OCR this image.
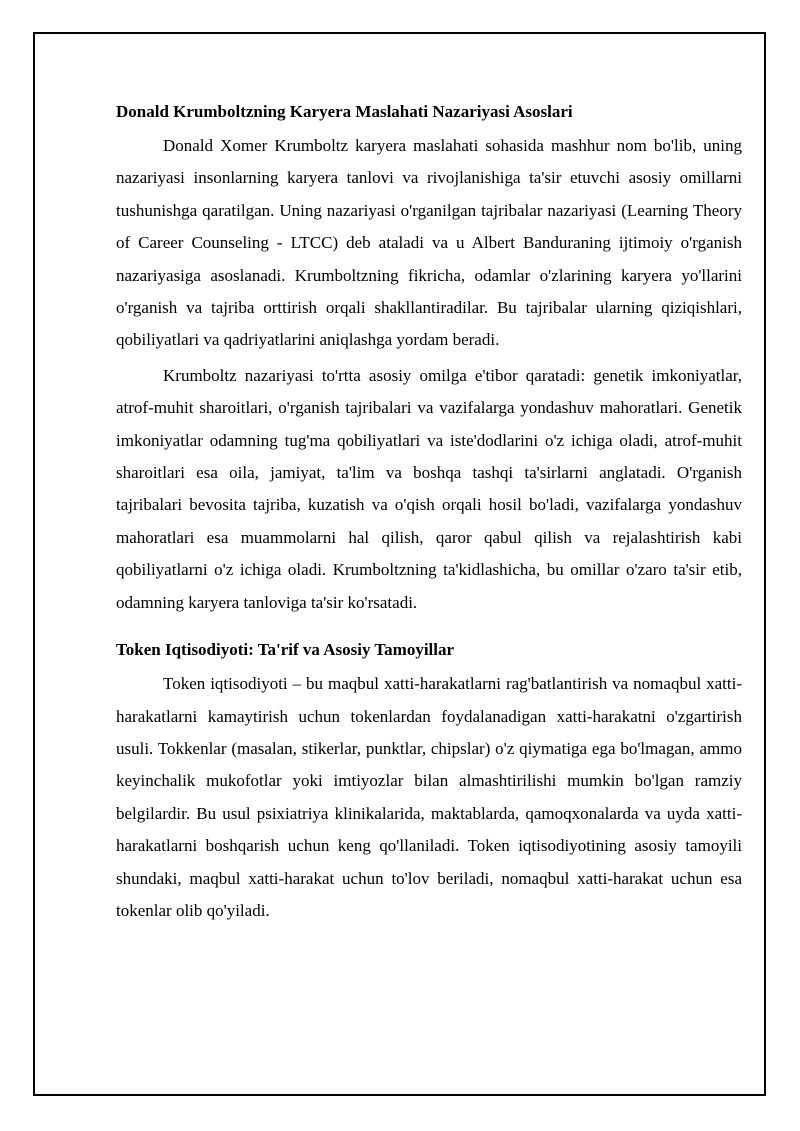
Donald Krumboltzning Karyera Maslahati Nazariyasi Asoslari

Donald Xomer Krumboltz karyera maslahati sohasida mashhur nom bo'lib, uning nazariyasi insonlarning karyera tanlovi va rivojlanishiga ta'sir etuvchi asosiy omillarni tushunishga qaratilgan. Uning nazariyasi o'rganilgan tajribalar nazariyasi (Learning Theory of Career Counseling - LTCC) deb ataladi va u Albert Banduraning ijtimoiy o'rganish nazariyasiga asoslanadi. Krumboltzning fikricha, odamlar o'zlarining karyera yo'llarini o'rganish va tajriba orttirish orqali shakllantiradilar. Bu tajribalar ularning qiziqishlari, qobiliyatlari va qadriyatlarini aniqlashga yordam beradi.

Krumboltz nazariyasi to'rtta asosiy omilga e'tibor qaratadi: genetik imkoniyatlar, atrof-muhit sharoitlari, o'rganish tajribalari va vazifalarga yondashuv mahoratlari. Genetik imkoniyatlar odamning tug'ma qobiliyatlari va iste'dodlarini o'z ichiga oladi, atrof-muhit sharoitlari esa oila, jamiyat, ta'lim va boshqa tashqi ta'sirlarni anglatadi. O'rganish tajribalari bevosita tajriba, kuzatish va o'qish orqali hosil bo'ladi, vazifalarga yondashuv mahoratlari esa muammolarni hal qilish, qaror qabul qilish va rejalashtirish kabi qobiliyatlarni o'z ichiga oladi. Krumboltzning ta'kidlashicha, bu omillar o'zaro ta'sir etib, odamning karyera tanloviga ta'sir ko'rsatadi.

Token Iqtisodiyoti: Ta'rif va Asosiy Tamoyillar

Token iqtisodiyoti – bu maqbul xatti-harakatlarni rag'batlantirish va nomaqbul xatti-harakatlarni kamaytirish uchun tokenlardan foydalanadigan xatti-harakatni o'zgartirish usuli. Tokkenlar (masalan, stikerlar, punktlar, chipslar) o'z qiymatiga ega bo'lmagan, ammo keyinchalik mukofotlar yoki imtiyozlar bilan almashtirilishi mumkin bo'lgan ramziy belgilardir. Bu usul psixiatriya klinikalarida, maktablarda, qamoqxonalarda va uyda xatti-harakatlarni boshqarish uchun keng qo'llaniladi. Token iqtisodiyotining asosiy tamoyili shundaki, maqbul xatti-harakat uchun to'lov beriladi, nomaqbul xatti-harakat uchun esa tokenlar olib qo'yiladi.
